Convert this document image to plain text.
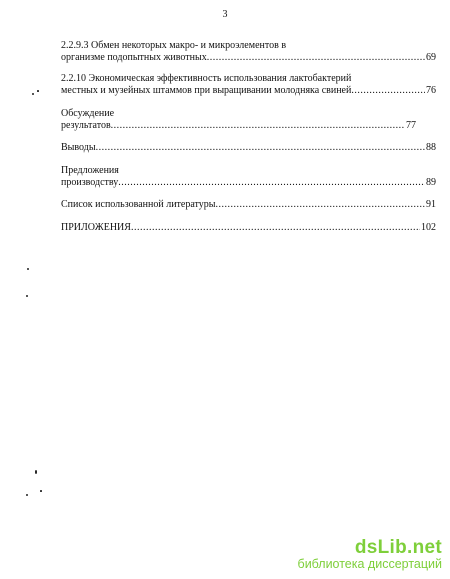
3
2.2.9.3 Обмен некоторых макро- и микроэлементов в
организме подопытных животных .....	69
2.2.10 Экономическая эффективность использования лактобактерий
местных и музейных штаммов при выращивании молодняка свиней .....	76
Обсуждение
результатов .....	77
Выводы .....	88
Предложения
производству .....	89
Список использованной литературы .....	91
ПРИЛОЖЕНИЯ .....	102
dsLib.net
библиотека диссертаций
